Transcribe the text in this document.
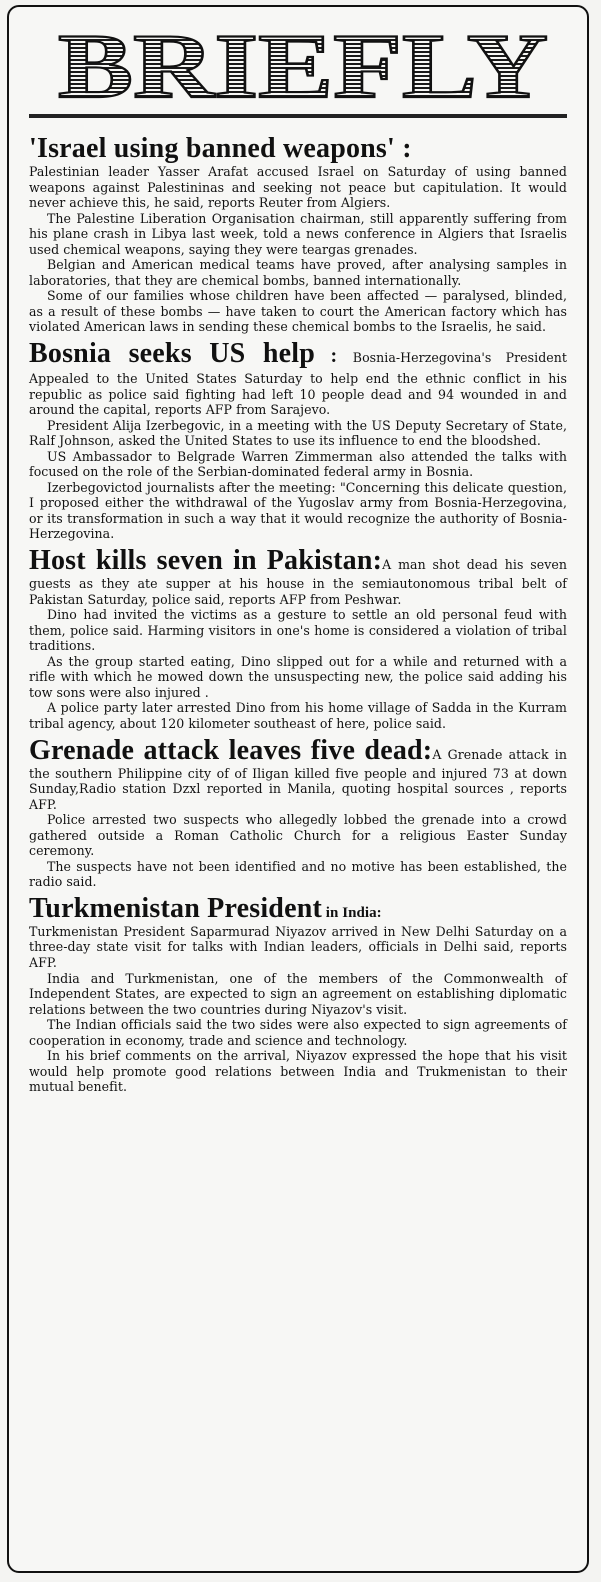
BRIEFLY

'Israel using banned weapons' :

Palestinian leader Yasser Arafat accused Israel on Saturday of using banned weapons against Palestininas and seeking not peace but capitulation. It would never achieve this, he said, reports Reuter from Algiers.

The Palestine Liberation Organisation chairman, still apparently suffering from his plane crash in Libya last week, told a news conference in Algiers that Israelis used chemical weapons, saying they were teargas grenades.

Belgian and American medical teams have proved, after analysing samples in laboratories, that they are chemical bombs, banned internationally.

Some of our families whose children have been affected — paralysed, blinded, as a result of these bombs — have taken to court the American factory which has violated American laws in sending these chemical bombs to the Israelis, he said.

Bosnia seeks US help : Bosnia-Herzegovina's President Appealed to the United States Saturday to help end the ethnic conflict in his republic as police said fighting had left 10 people dead and 94 wounded in and around the capital, reports AFP from Sarajevo.

President Alija Izerbegovic, in a meeting with the US Deputy Secretary of State, Ralf Johnson, asked the United States to use its influence to end the bloodshed.

US Ambassador to Belgrade Warren Zimmerman also attended the talks with focused on the role of the Serbian-dominated federal army in Bosnia.

Izerbegovictod journalists after the meeting: "Concerning this delicate question, I proposed either the withdrawal of the Yugoslav army from Bosnia-Herzegovina, or its transformation in such a way that it would recognize the authority of Bosnia-Herzegovina.

Host kills seven in Pakistan:A man shot dead his seven guests as they ate supper at his house in the semiautonomous tribal belt of Pakistan Saturday, police said, reports AFP from Peshwar.

Dino had invited the victims as a gesture to settle an old personal feud with them, police said. Harming visitors in one's home is considered a violation of tribal traditions.

As the group started eating, Dino slipped out for a while and returned with a rifle with which he mowed down the unsuspecting new, the police said adding his tow sons were also injured .

A police party later arrested Dino from his home village of Sadda in the Kurram tribal agency, about 120 kilometer southeast of here, police said.

Grenade attack leaves five dead:A Grenade attack in the southern Philippine city of of Iligan killed five people and injured 73 at down Sunday,Radio station Dzxl reported in Manila, quoting hospital sources , reports AFP.

Police arrested two suspects who allegedly lobbed the grenade into a crowd gathered outside a Roman Catholic Church for a religious Easter Sunday ceremony.

The suspects have not been identified and no motive has been established, the radio said.

Turkmenistan President in India:

Turkmenistan President Saparmurad Niyazov arrived in New Delhi Saturday on a three-day state visit for talks with Indian leaders, officials in Delhi said, reports AFP.

India and Turkmenistan, one of the members of the Commonwealth of Independent States, are expected to sign an agreement on establishing diplomatic relations between the two countries during Niyazov's visit.

The Indian officials said the two sides were also expected to sign agreements of cooperation in economy, trade and science and technology.

In his brief comments on the arrival, Niyazov expressed the hope that his visit would help promote good relations between India and Trukmenistan to their mutual benefit.
